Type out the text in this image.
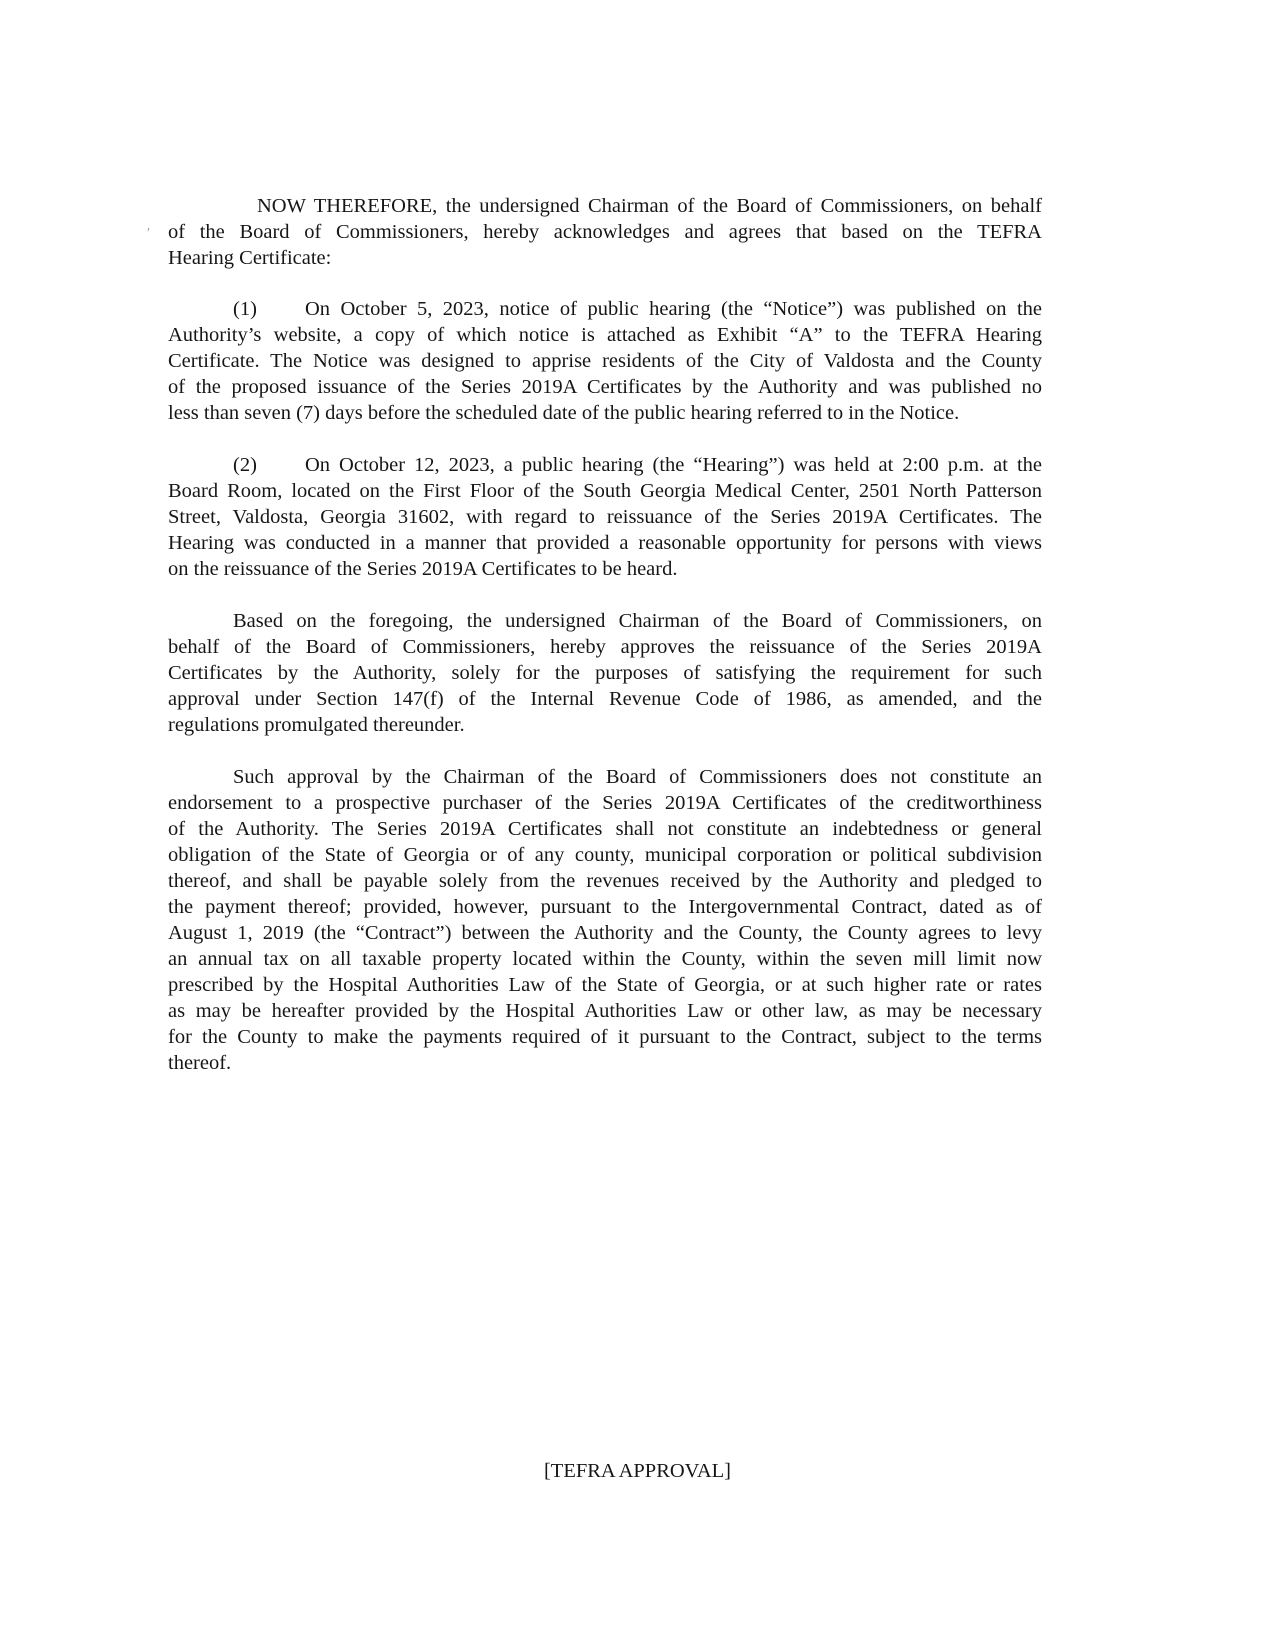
′
NOW THEREFORE, the undersigned Chairman of the Board of Commissioners, on behalf
of the Board of Commissioners, hereby acknowledges and agrees that based on the TEFRA
Hearing Certificate:
(1)	On October 5, 2023, notice of public hearing (the “Notice”) was published on the
Authority’s website, a copy of which notice is attached as Exhibit “A” to the TEFRA Hearing
Certificate. The Notice was designed to apprise residents of the City of Valdosta and the County
of the proposed issuance of the Series 2019A Certificates by the Authority and was published no
less than seven (7) days before the scheduled date of the public hearing referred to in the Notice.
(2)	On October 12, 2023, a public hearing (the “Hearing”) was held at 2:00 p.m. at the
Board Room, located on the First Floor of the South Georgia Medical Center, 2501 North Patterson
Street, Valdosta, Georgia 31602, with regard to reissuance of the Series 2019A Certificates. The
Hearing was conducted in a manner that provided a reasonable opportunity for persons with views
on the reissuance of the Series 2019A Certificates to be heard.
Based on the foregoing, the undersigned Chairman of the Board of Commissioners, on
behalf of the Board of Commissioners, hereby approves the reissuance of the Series 2019A
Certificates by the Authority, solely for the purposes of satisfying the requirement for such
approval under Section 147(f) of the Internal Revenue Code of 1986, as amended, and the
regulations promulgated thereunder.
Such approval by the Chairman of the Board of Commissioners does not constitute an
endorsement to a prospective purchaser of the Series 2019A Certificates of the creditworthiness
of the Authority. The Series 2019A Certificates shall not constitute an indebtedness or general
obligation of the State of Georgia or of any county, municipal corporation or political subdivision
thereof, and shall be payable solely from the revenues received by the Authority and pledged to
the payment thereof; provided, however, pursuant to the Intergovernmental Contract, dated as of
August 1, 2019 (the “Contract”) between the Authority and the County, the County agrees to levy
an annual tax on all taxable property located within the County, within the seven mill limit now
prescribed by the Hospital Authorities Law of the State of Georgia, or at such higher rate or rates
as may be hereafter provided by the Hospital Authorities Law or other law, as may be necessary
for the County to make the payments required of it pursuant to the Contract, subject to the terms
thereof.
[TEFRA APPROVAL]
